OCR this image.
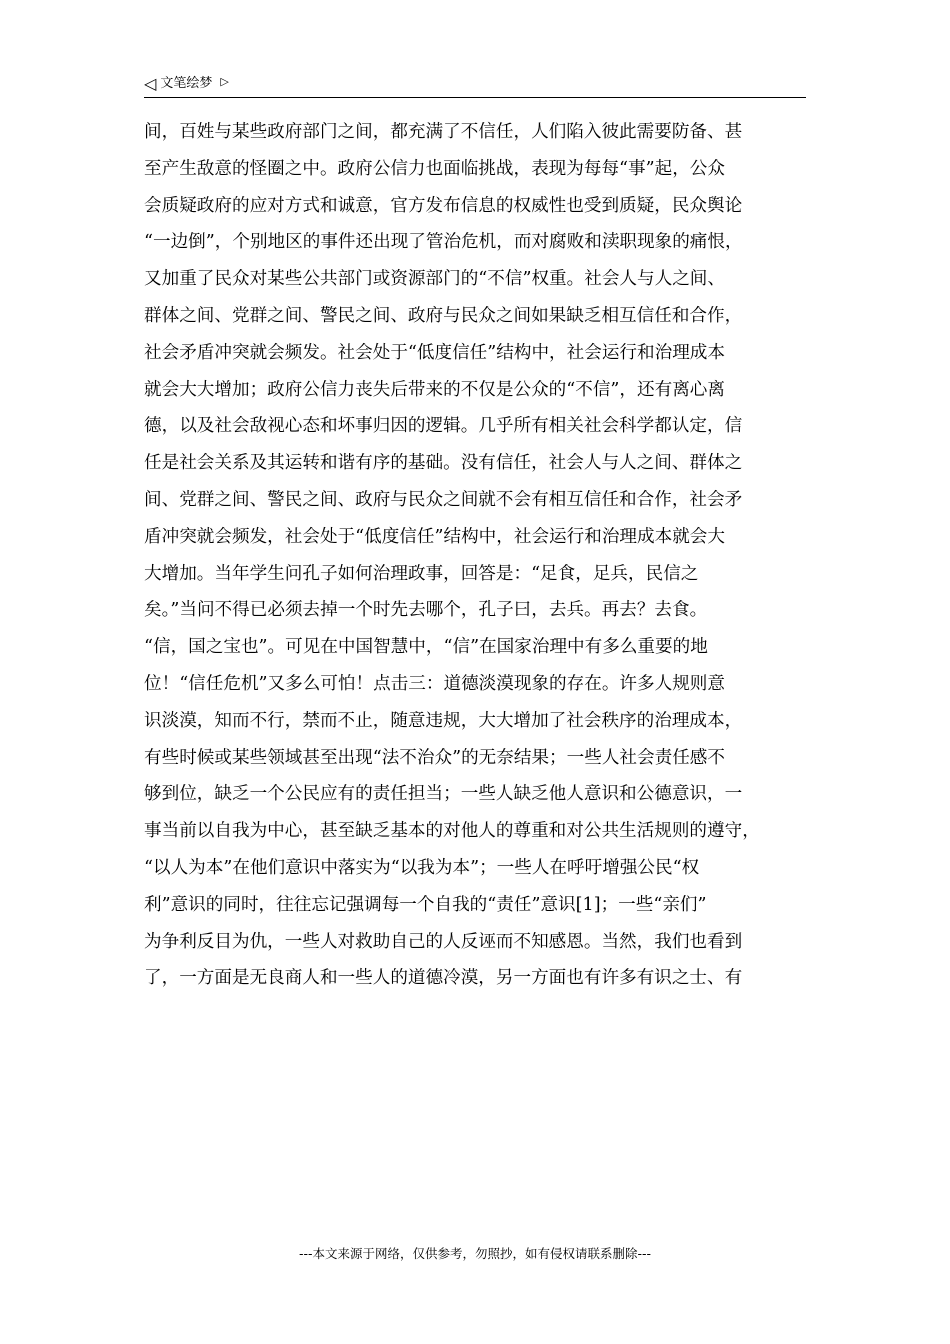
◁ 文笔绘梦 ▷
间，百姓与某些政府部门之间，都充满了不信任，人们陷入彼此需要防备、甚
至产生敌意的怪圈之中。政府公信力也面临挑战，表现为每每“事”起，公众
会质疑政府的应对方式和诚意，官方发布信息的权威性也受到质疑，民众舆论
“一边倒”，个别地区的事件还出现了管治危机，而对腐败和渎职现象的痛恨，
又加重了民众对某些公共部门或资源部门的“不信”权重。社会人与人之间、
群体之间、党群之间、警民之间、政府与民众之间如果缺乏相互信任和合作，
社会矛盾冲突就会频发。社会处于“低度信任”结构中，社会运行和治理成本
就会大大增加；政府公信力丧失后带来的不仅是公众的“不信”，还有离心离
德，以及社会敌视心态和坏事归因的逻辑。几乎所有相关社会科学都认定，信
任是社会关系及其运转和谐有序的基础。没有信任，社会人与人之间、群体之
间、党群之间、警民之间、政府与民众之间就不会有相互信任和合作，社会矛
盾冲突就会频发，社会处于“低度信任”结构中，社会运行和治理成本就会大
大增加。当年学生问孔子如何治理政事，回答是：“足食，足兵，民信之
矣。”当问不得已必须去掉一个时先去哪个，孔子曰，去兵。再去？去食。
“信，国之宝也”。可见在中国智慧中，“信”在国家治理中有多么重要的地
位！“信任危机”又多么可怕！点击三：道德淡漠现象的存在。许多人规则意
识淡漠，知而不行，禁而不止，随意违规，大大增加了社会秩序的治理成本，
有些时候或某些领域甚至出现“法不治众”的无奈结果；一些人社会责任感不
够到位，缺乏一个公民应有的责任担当；一些人缺乏他人意识和公德意识，一
事当前以自我为中心，甚至缺乏基本的对他人的尊重和对公共生活规则的遵守，
“以人为本”在他们意识中落实为“以我为本”；一些人在呼吁增强公民“权
利”意识的同时，往往忘记强调每一个自我的“责任”意识[1]；一些“亲们”
为争利反目为仇，一些人对救助自己的人反诬而不知感恩。当然，我们也看到
了，一方面是无良商人和一些人的道德冷漠，另一方面也有许多有识之士、有
---本文来源于网络，仅供参考，勿照抄，如有侵权请联系删除---
